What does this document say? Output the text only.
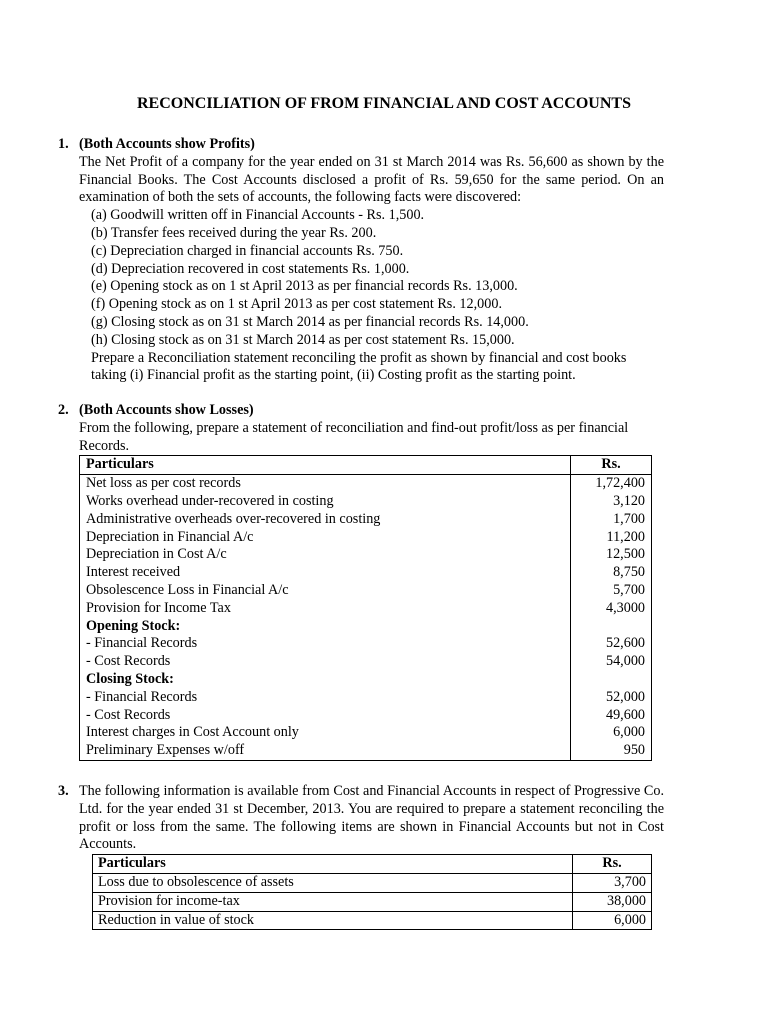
RECONCILIATION OF FROM FINANCIAL AND COST ACCOUNTS
1. (Both Accounts show Profits)
The Net Profit of a company for the year ended on 31 st March 2014 was Rs. 56,600 as shown by the Financial Books. The Cost Accounts disclosed a profit of Rs. 59,650 for the same period. On an examination of both the sets of accounts, the following facts were discovered:
(a) Goodwill written off in Financial Accounts - Rs. 1,500.
(b) Transfer fees received during the year Rs. 200.
(c) Depreciation charged in financial accounts Rs. 750.
(d) Depreciation recovered in cost statements Rs. 1,000.
(e) Opening stock as on 1 st April 2013 as per financial records Rs. 13,000.
(f) Opening stock as on 1 st April 2013 as per cost statement Rs. 12,000.
(g) Closing stock as on 31 st March 2014 as per financial records Rs. 14,000.
(h) Closing stock as on 31 st March 2014 as per cost statement Rs. 15,000.
Prepare a Reconciliation statement reconciling the profit as shown by financial and cost books taking (i) Financial profit as the starting point, (ii) Costing profit as the starting point.
2. (Both Accounts show Losses)
From the following, prepare a statement of reconciliation and find-out profit/loss as per financial Records.
Particulars	Rs.
Net loss as per cost records	1,72,400
Works overhead under-recovered in costing	3,120
Administrative overheads over-recovered in costing	1,700
Depreciation in Financial A/c	11,200
Depreciation in Cost A/c	12,500
Interest received	8,750
Obsolescence Loss in Financial A/c	5,700
Provision for Income Tax	4,3000
Opening Stock:	
- Financial Records	52,600
- Cost Records	54,000
Closing Stock:	
- Financial Records	52,000
- Cost Records	49,600
Interest charges in Cost Account only	6,000
Preliminary Expenses w/off	950
3. The following information is available from Cost and Financial Accounts in respect of Progressive Co. Ltd. for the year ended 31 st December, 2013. You are required to prepare a statement reconciling the profit or loss from the same. The following items are shown in Financial Accounts but not in Cost Accounts.
Particulars	Rs.
Loss due to obsolescence of assets	3,700
Provision for income-tax	38,000
Reduction in value of stock	6,000
